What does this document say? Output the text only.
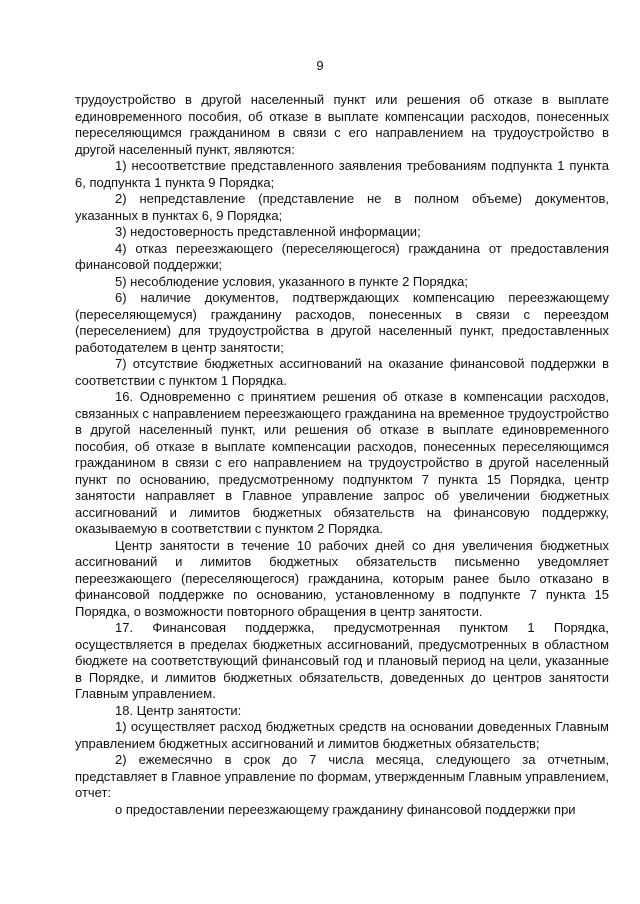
9

трудоустройство в другой населенный пункт или решения об отказе в выплате единовременного пособия, об отказе в выплате компенсации расходов, понесенных переселяющимся гражданином в связи с его направлением на трудоустройство в другой населенный пункт, являются:

1) несоответствие представленного заявления требованиям подпункта 1 пункта 6, подпункта 1 пункта 9 Порядка;

2) непредставление (представление не в полном объеме) документов, указанных в пунктах 6, 9 Порядка;

3) недостоверность представленной информации;

4) отказ переезжающего (переселяющегося) гражданина от предоставления финансовой поддержки;

5) несоблюдение условия, указанного в пункте 2 Порядка;

6) наличие документов, подтверждающих компенсацию переезжающему (переселяющемуся) гражданину расходов, понесенных в связи с переездом (переселением) для трудоустройства в другой населенный пункт, предоставленных работодателем в центр занятости;

7) отсутствие бюджетных ассигнований на оказание финансовой поддержки в соответствии с пунктом 1 Порядка.

16. Одновременно с принятием решения об отказе в компенсации расходов, связанных с направлением переезжающего гражданина на временное трудоустройство в другой населенный пункт, или решения об отказе в выплате единовременного пособия, об отказе в выплате компенсации расходов, понесенных переселяющимся гражданином в связи с его направлением на трудоустройство в другой населенный пункт по основанию, предусмотренному подпунктом 7 пункта 15 Порядка, центр занятости направляет в Главное управление запрос об увеличении бюджетных ассигнований и лимитов бюджетных обязательств на финансовую поддержку, оказываемую в соответствии с пунктом 2 Порядка.

Центр занятости в течение 10 рабочих дней со дня увеличения бюджетных ассигнований и лимитов бюджетных обязательств письменно уведомляет переезжающего (переселяющегося) гражданина, которым ранее было отказано в финансовой поддержке по основанию, установленному в подпункте 7 пункта 15 Порядка, о возможности повторного обращения в центр занятости.

17. Финансовая поддержка, предусмотренная пунктом 1 Порядка, осуществляется в пределах бюджетных ассигнований, предусмотренных в областном бюджете на соответствующий финансовый год и плановый период на цели, указанные в Порядке, и лимитов бюджетных обязательств, доведенных до центров занятости Главным управлением.

18. Центр занятости:

1) осуществляет расход бюджетных средств на основании доведенных Главным управлением бюджетных ассигнований и лимитов бюджетных обязательств;

2) ежемесячно в срок до 7 числа месяца, следующего за отчетным, представляет в Главное управление по формам, утвержденным Главным управлением, отчет:

о предоставлении переезжающему гражданину финансовой поддержки при
